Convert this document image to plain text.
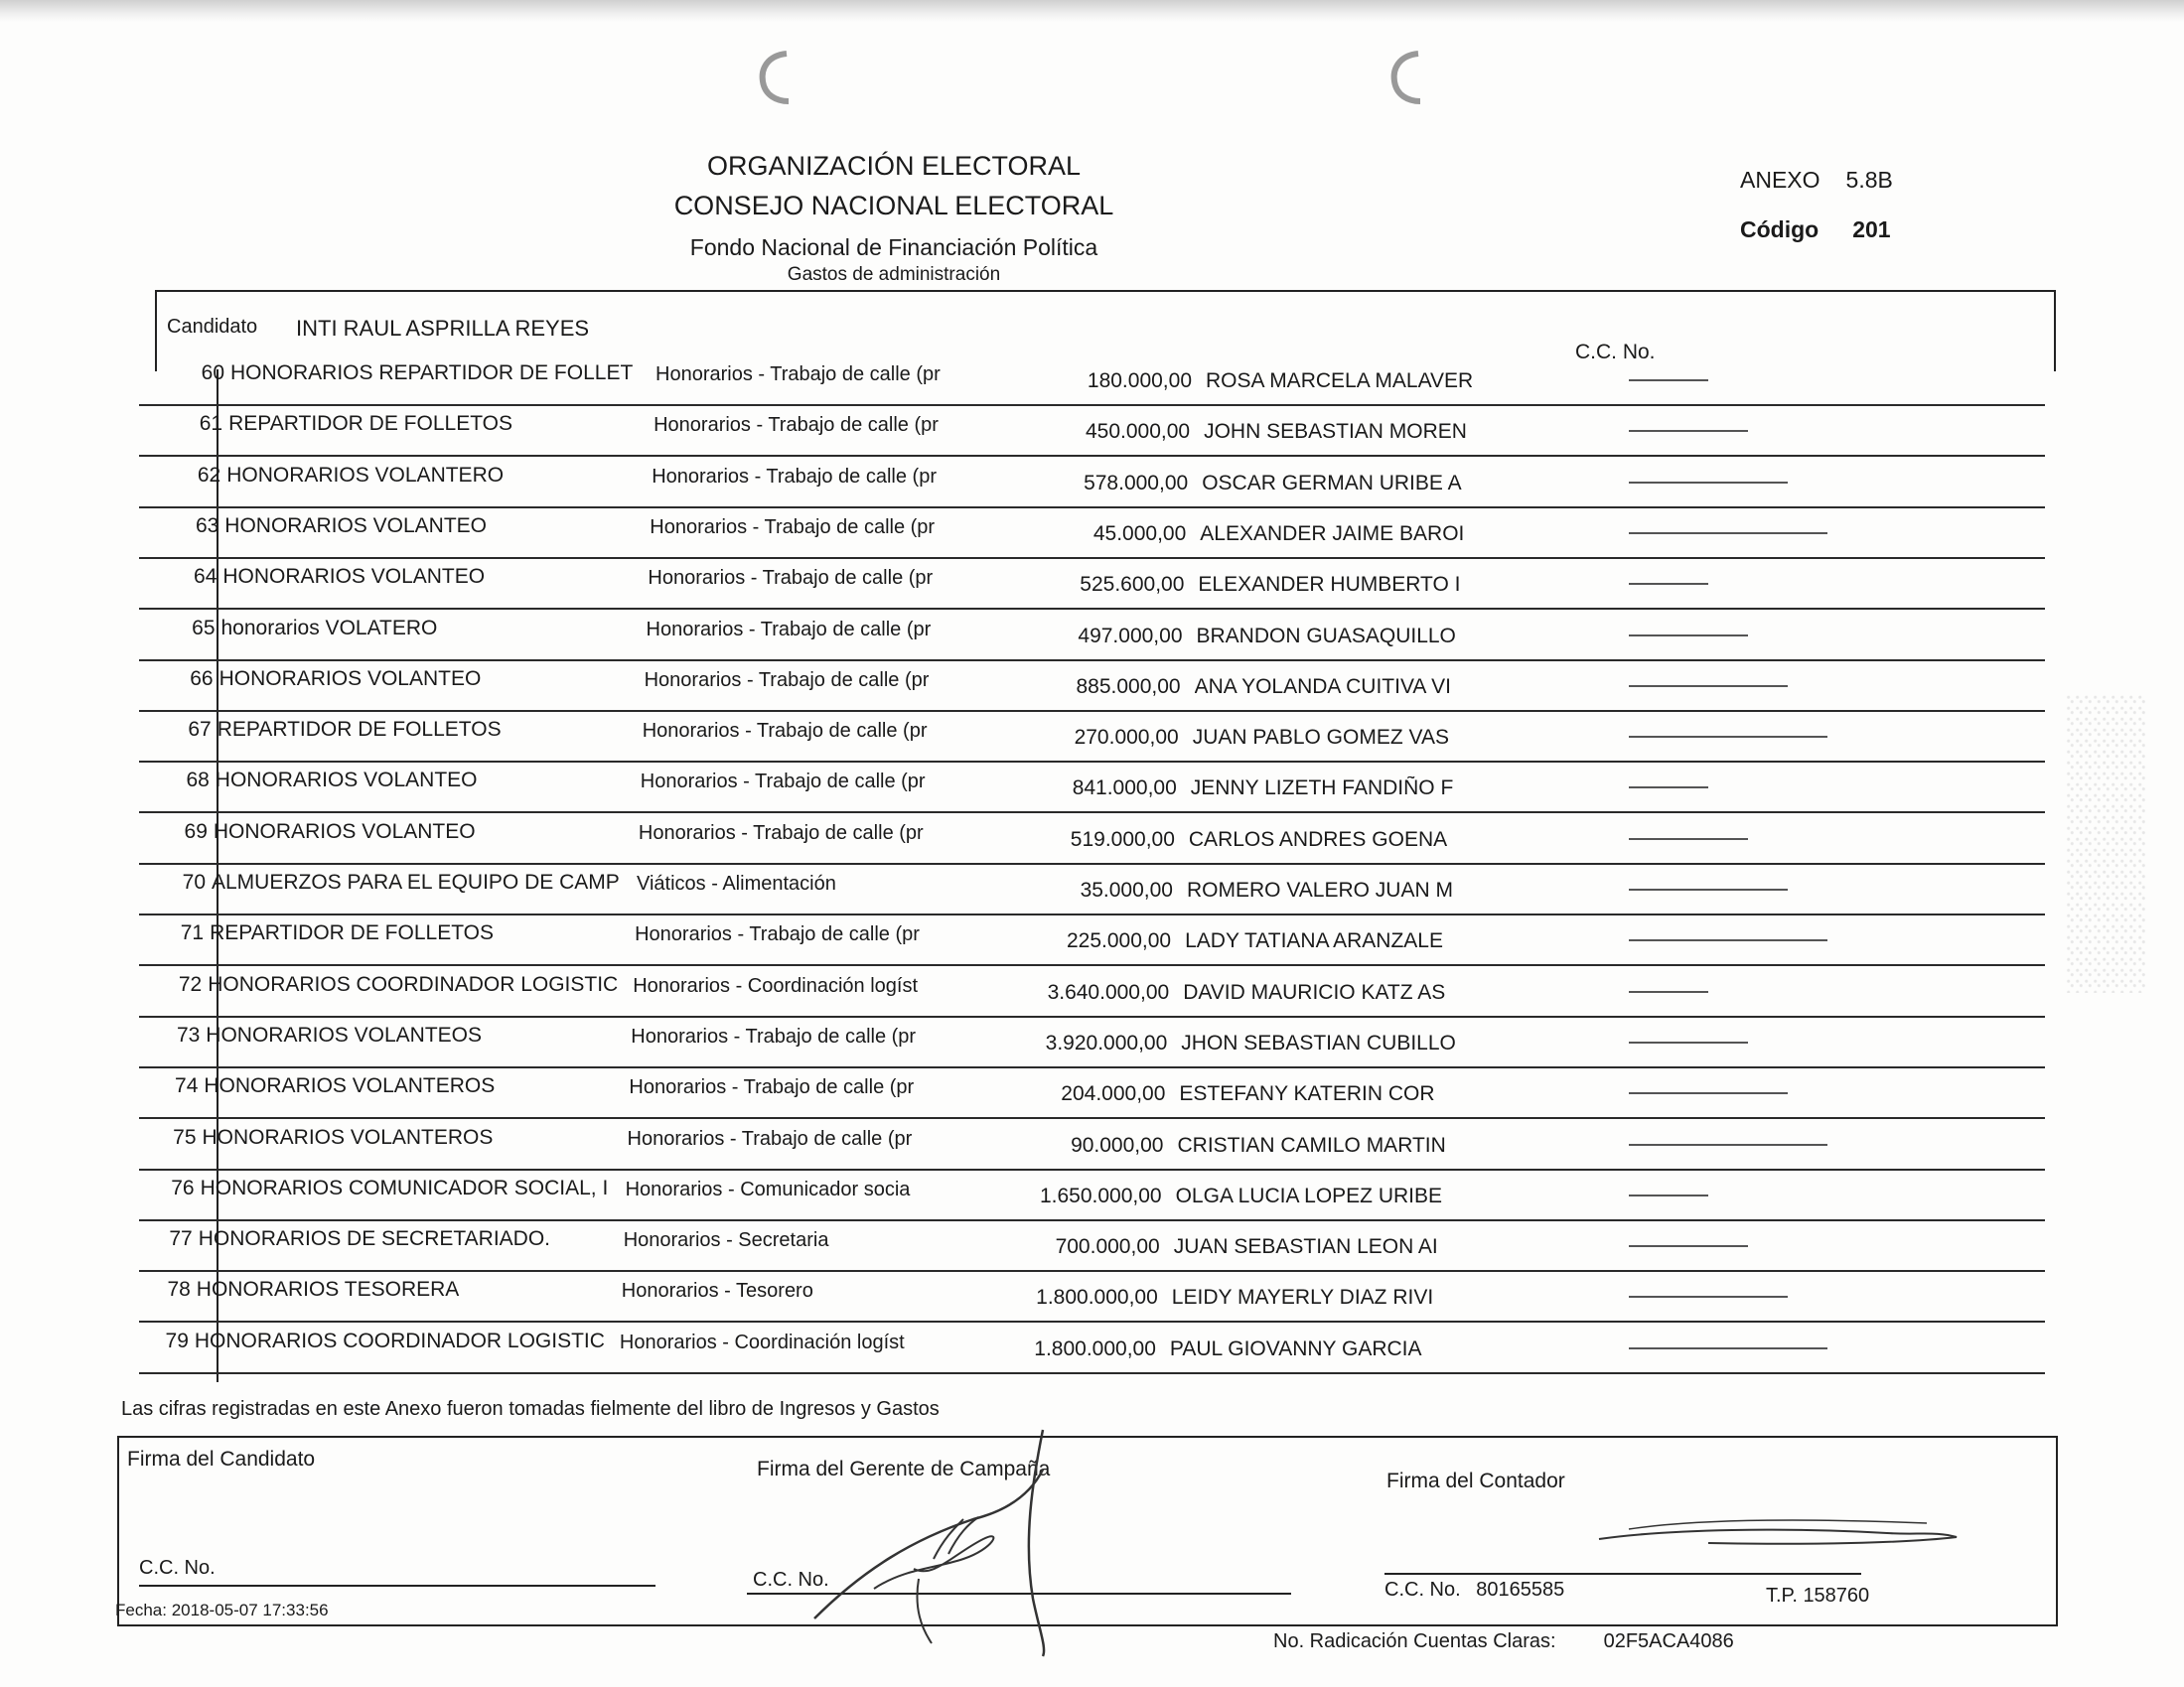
ORGANIZACIÓN ELECTORAL
CONSEJO NACIONAL ELECTORAL
Fondo Nacional de Financiación Política
Gastos de administración
ANEXO 5.8B
Código 201
Candidato INTI RAUL ASPRILLA REYES
C.C. No.
60 HONORARIOS REPARTIDOR DE FOLLET	Honorarios - Trabajo de calle (pr	180.000,00 ROSA MARCELA MALAVER
61 REPARTIDOR DE FOLLETOS	Honorarios - Trabajo de calle (pr	450.000,00 JOHN SEBASTIAN MOREN
62 HONORARIOS VOLANTERO	Honorarios - Trabajo de calle (pr	578.000,00 OSCAR GERMAN URIBE A
63 HONORARIOS VOLANTEO	Honorarios - Trabajo de calle (pr	45.000,00 ALEXANDER JAIME BAROI
64 HONORARIOS VOLANTEO	Honorarios - Trabajo de calle (pr	525.600,00 ELEXANDER HUMBERTO I
65 honorarios VOLATERO	Honorarios - Trabajo de calle (pr	497.000,00 BRANDON GUASAQUILLO
66 HONORARIOS VOLANTEO	Honorarios - Trabajo de calle (pr	885.000,00 ANA YOLANDA CUITIVA VI
67 REPARTIDOR DE FOLLETOS	Honorarios - Trabajo de calle (pr	270.000,00 JUAN PABLO GOMEZ VAS
68 HONORARIOS VOLANTEO	Honorarios - Trabajo de calle (pr	841.000,00 JENNY LIZETH FANDIÑO F
69 HONORARIOS VOLANTEO	Honorarios - Trabajo de calle (pr	519.000,00 CARLOS ANDRES GOENA
70 ALMUERZOS PARA EL EQUIPO DE CAMP Viáticos - Alimentación	35.000,00 ROMERO VALERO JUAN M
71 REPARTIDOR DE FOLLETOS	Honorarios - Trabajo de calle (pr	225.000,00 LADY TATIANA ARANZALE
72 HONORARIOS COORDINADOR LOGISTIC Honorarios - Coordinación logíst	3.640.000,00 DAVID MAURICIO KATZ AS
73 HONORARIOS VOLANTEOS	Honorarios - Trabajo de calle (pr	3.920.000,00 JHON SEBASTIAN CUBILLO
74 HONORARIOS VOLANTEROS	Honorarios - Trabajo de calle (pr	204.000,00 ESTEFANY KATERIN COR
75 HONORARIOS VOLANTEROS	Honorarios - Trabajo de calle (pr	90.000,00 CRISTIAN CAMILO MARTIN
76 HONORARIOS COMUNICADOR SOCIAL, I Honorarios - Comunicador socia	1.650.000,00 OLGA LUCIA LOPEZ URIBE
77 HONORARIOS DE SECRETARIADO.	Honorarios - Secretaria	700.000,00 JUAN SEBASTIAN LEON AI
78 HONORARIOS TESORERA	Honorarios - Tesorero	1.800.000,00 LEIDY MAYERLY DIAZ RIVI
79 HONORARIOS COORDINADOR LOGISTIC Honorarios - Coordinación logíst	1.800.000,00 PAUL GIOVANNY GARCIA
Las cifras registradas en este Anexo fueron tomadas fielmente del libro de Ingresos y Gastos
Firma del Candidato	Firma del Gerente de Campaña
Firma del Contador
C.C. No.
C.C. No.	C.C. No. 80165585	T.P. 158760
Fecha: 2018-05-07 17:33:56
No. Radicación Cuentas Claras: 02F5ACA4086
